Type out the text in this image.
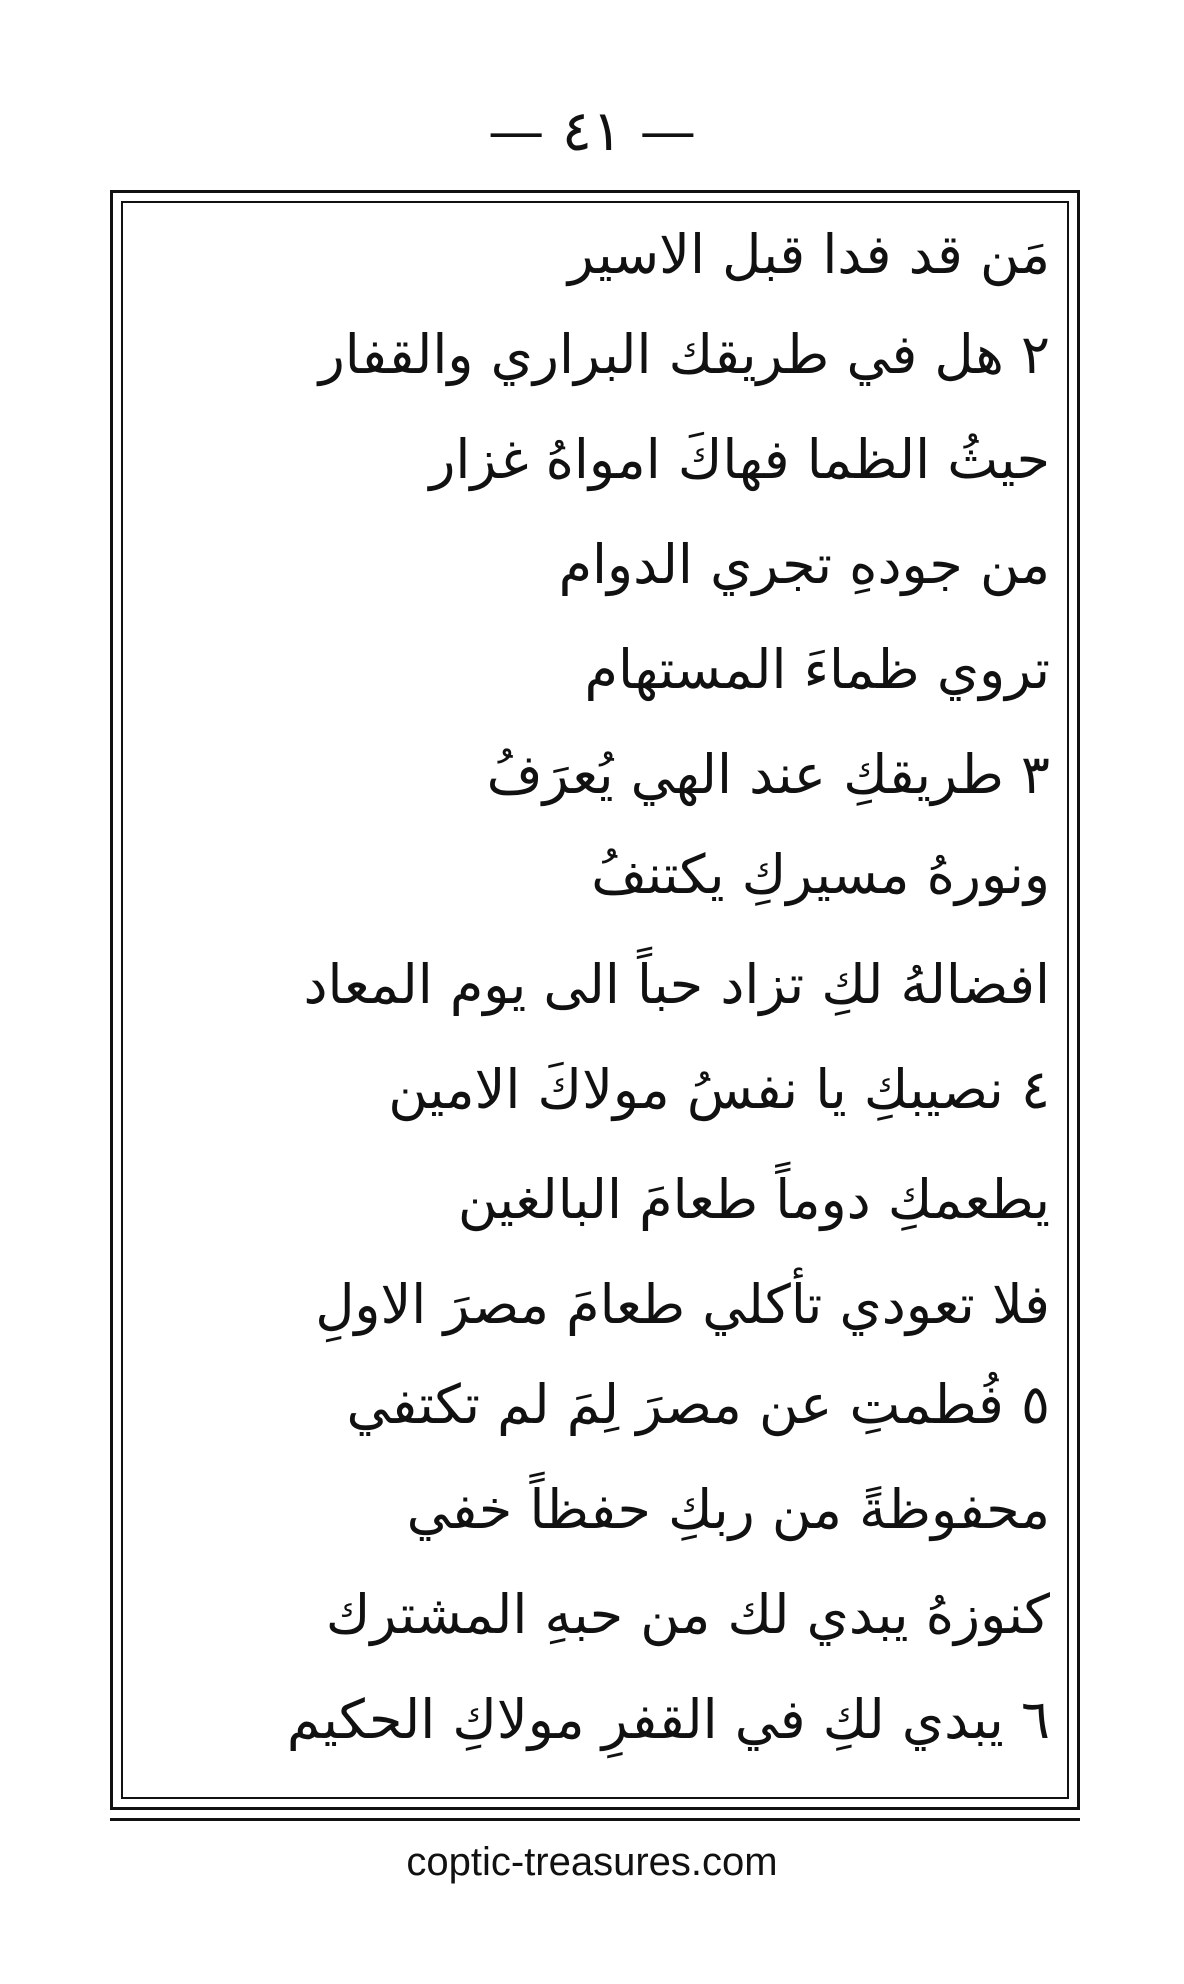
— ٤١ —
مَن قد فدا قبل الاسير
٢ هل في طريقك البراري والقفار
حيثُ الظما فهاكَ امواهُ غزار
من جودهِ تجري الدوام
تروي ظماءَ المستهام
٣ طريقكِ عند الهي يُعرَفُ
ونورهُ مسيركِ يكتنفُ
افضالهُ لكِ تزاد حباً الى يوم المعاد
٤ نصيبكِ يا نفسُ مولاكَ الامين
يطعمكِ دوماً طعامَ البالغين
فلا تعودي تأكلي طعامَ مصرَ الاولِ
٥ فُطمتِ عن مصرَ لِمَ لم تكتفي
محفوظةً من ربكِ حفظاً خفي
كنوزهُ يبدي لك من حبهِ المشترك
٦ يبدي لكِ في القفرِ مولاكِ الحكيم
coptic-treasures.com
